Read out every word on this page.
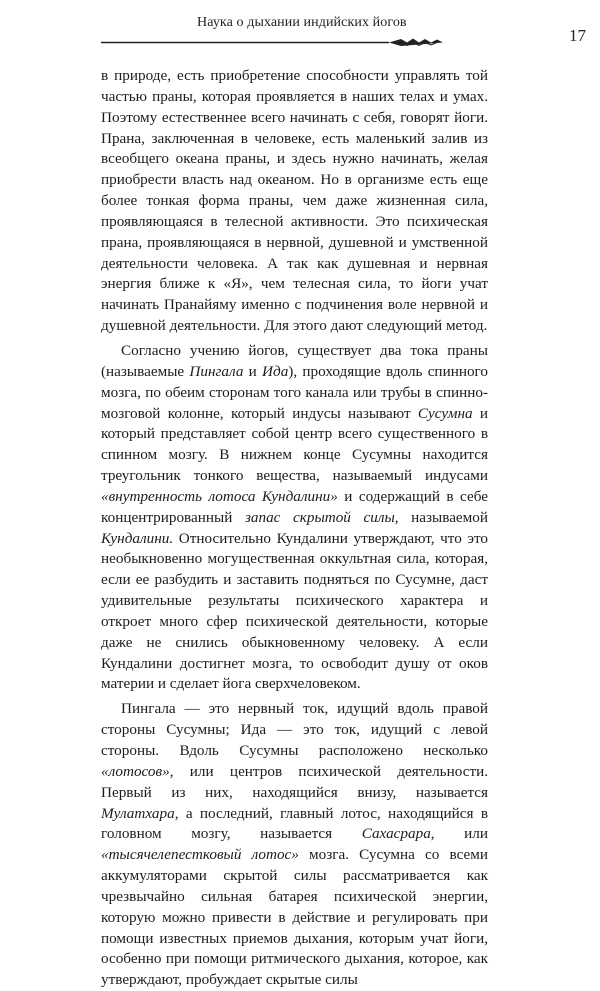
Наука о дыхании индийских йогов
17

в природе, есть приобретение способности управлять той частью праны, которая проявляется в наших телах и умах. Поэтому естественнее всего начинать с себя, говорят йоги. Прана, заключенная в человеке, есть маленький залив из всеобщего океана праны, и здесь нужно начинать, желая приобрести власть над океаном. Но в организме есть еще более тонкая форма праны, чем даже жизненная сила, проявляющаяся в телесной активности. Это психическая прана, проявляющаяся в нервной, душевной и умственной деятельности человека. А так как душевная и нервная энергия ближе к «Я», чем телесная сила, то йоги учат начинать Пранайяму именно с подчинения воле нервной и душевной деятельности. Для этого дают следующий метод.

Согласно учению йогов, существует два тока праны (называемые Пингала и Ида), проходящие вдоль спинного мозга, по обеим сторонам того канала или трубы в спинно-мозговой колонне, который индусы называют Сусумна и который представляет собой центр всего существенного в спинном мозгу. В нижнем конце Сусумны находится треугольник тонкого вещества, называемый индусами «внутренность лотоса Кундалини» и содержащий в себе концентрированный запас скрытой силы, называемой Кундалини. Относительно Кундалини утверждают, что это необыкновенно могущественная оккультная сила, которая, если ее разбудить и заставить подняться по Сусумне, даст удивительные результаты психического характера и откроет много сфер психической деятельности, которые даже не снились обыкновенному человеку. А если Кундалини достигнет мозга, то освободит душу от оков материи и сделает йога сверхчеловеком.

Пингала — это нервный ток, идущий вдоль правой стороны Сусумны; Ида — это ток, идущий с левой стороны. Вдоль Сусумны расположено несколько «лотосов», или центров психической деятельности. Первый из них, находящийся внизу, называется Мулатхара, а последний, главный лотос, находящийся в головном мозгу, называется Сахасрара, или «тысячелепестковый лотос» мозга. Сусумна со всеми аккумуляторами скрытой силы рассматривается как чрезвычайно сильная батарея психической энергии, которую можно привести в действие и регулировать при помощи известных приемов дыхания, которым учат йоги, особенно при помощи ритмического дыхания, которое, как утверждают, пробуждает скрытые силы
